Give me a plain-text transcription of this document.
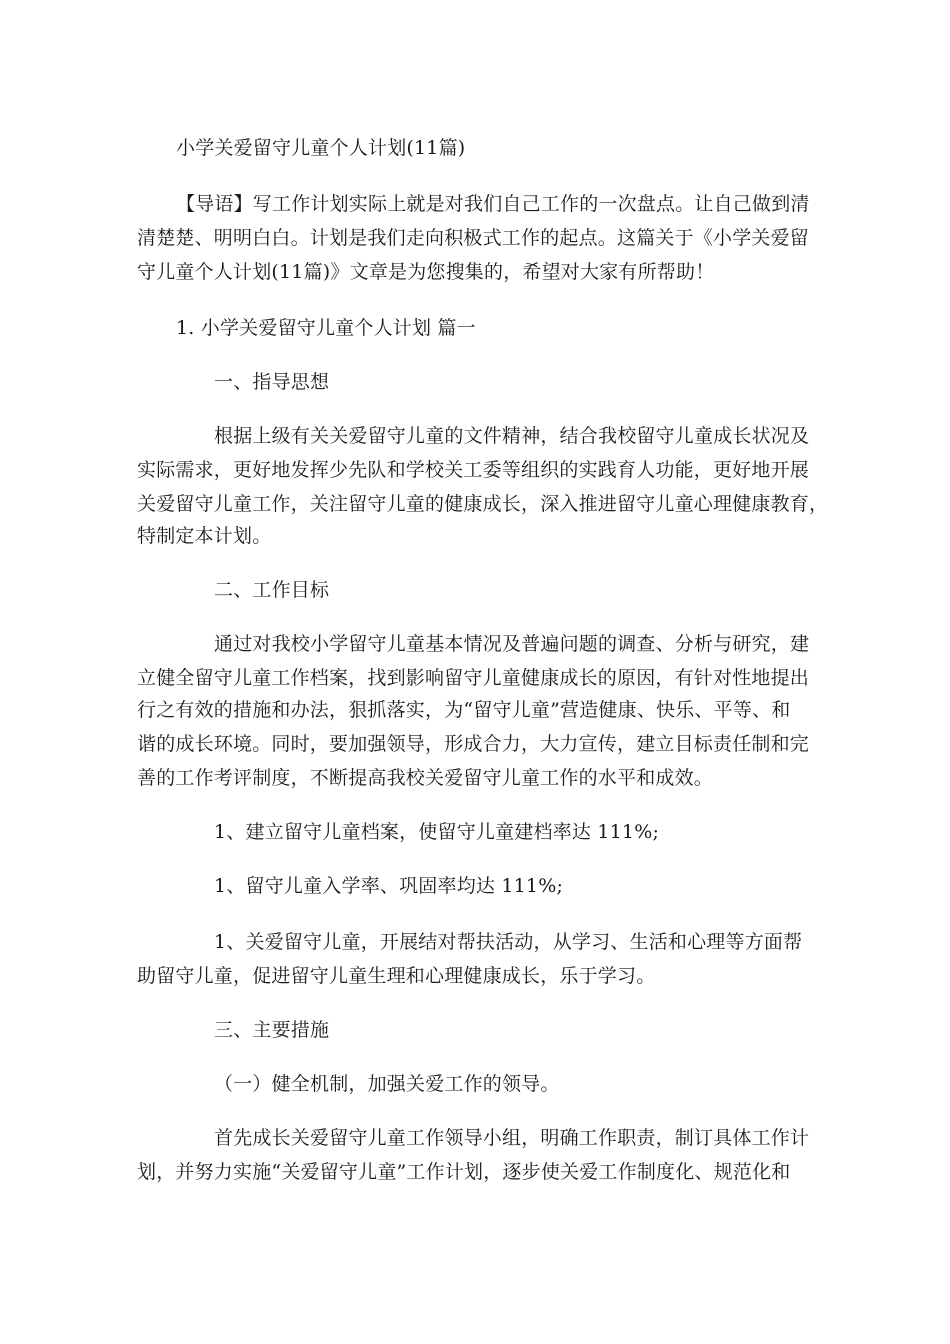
小学关爱留守儿童个人计划(11篇)
【导语】写工作计划实际上就是对我们自己工作的一次盘点。让自己做到清
清楚楚、明明白白。计划是我们走向积极式工作的起点。这篇关于《小学关爱留
守儿童个人计划(11篇)》文章是为您搜集的，希望对大家有所帮助！
1. 小学关爱留守儿童个人计划 篇一
一、指导思想
根据上级有关关爱留守儿童的文件精神，结合我校留守儿童成长状况及
实际需求，更好地发挥少先队和学校关工委等组织的实践育人功能，更好地开展
关爱留守儿童工作，关注留守儿童的健康成长，深入推进留守儿童心理健康教育，
特制定本计划。
二、工作目标
通过对我校小学留守儿童基本情况及普遍问题的调查、分析与研究，建
立健全留守儿童工作档案，找到影响留守儿童健康成长的原因，有针对性地提出
行之有效的措施和办法，狠抓落实，为“留守儿童”营造健康、快乐、平等、和
谐的成长环境。同时，要加强领导，形成合力，大力宣传，建立目标责任制和完
善的工作考评制度，不断提高我校关爱留守儿童工作的水平和成效。
1、建立留守儿童档案，使留守儿童建档率达 111%;
1、留守儿童入学率、巩固率均达 111%;
1、关爱留守儿童，开展结对帮扶活动，从学习、生活和心理等方面帮
助留守儿童，促进留守儿童生理和心理健康成长，乐于学习。
三、主要措施
（一）健全机制，加强关爱工作的领导。
首先成长关爱留守儿童工作领导小组，明确工作职责，制订具体工作计
划，并努力实施“关爱留守儿童”工作计划，逐步使关爱工作制度化、规范化和
